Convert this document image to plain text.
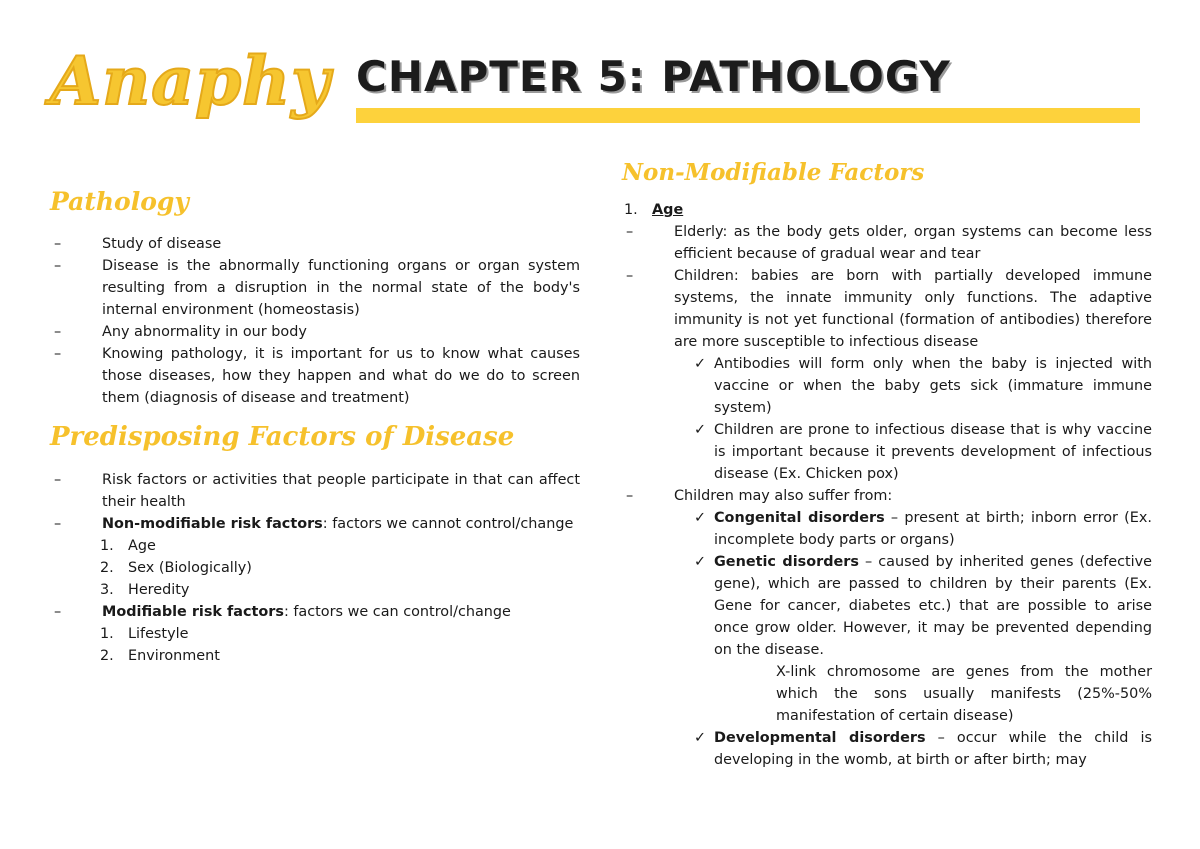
Anaphy CHAPTER 5: PATHOLOGY
Pathology
– Study of disease
– Disease is the abnormally functioning organs or organ system resulting from a disruption in the normal state of the body's internal environment (homeostasis)
– Any abnormality in our body
– Knowing pathology, it is important for us to know what causes those diseases, how they happen and what do we do to screen them (diagnosis of disease and treatment)
Predisposing Factors of Disease
– Risk factors or activities that people participate in that can affect their health
– Non-modifiable risk factors: factors we cannot control/change
1. Age
2. Sex (Biologically)
3. Heredity
– Modifiable risk factors: factors we can control/change
1. Lifestyle
2. Environment
Non-Modifiable Factors
1. Age
– Elderly: as the body gets older, organ systems can become less efficient because of gradual wear and tear
– Children: babies are born with partially developed immune systems, the innate immunity only functions. The adaptive immunity is not yet functional (formation of antibodies) therefore are more susceptible to infectious disease
✓ Antibodies will form only when the baby is injected with vaccine or when the baby gets sick (immature immune system)
✓ Children are prone to infectious disease that is why vaccine is important because it prevents development of infectious disease (Ex. Chicken pox)
– Children may also suffer from:
✓ Congenital disorders – present at birth; inborn error (Ex. incomplete body parts or organs)
✓ Genetic disorders – caused by inherited genes (defective gene), which are passed to children by their parents (Ex. Gene for cancer, diabetes etc.) that are possible to arise once grow older. However, it may be prevented depending on the disease.
X-link chromosome are genes from the mother which the sons usually manifests (25%-50% manifestation of certain disease)
✓ Developmental disorders – occur while the child is developing in the womb, at birth or after birth; may
